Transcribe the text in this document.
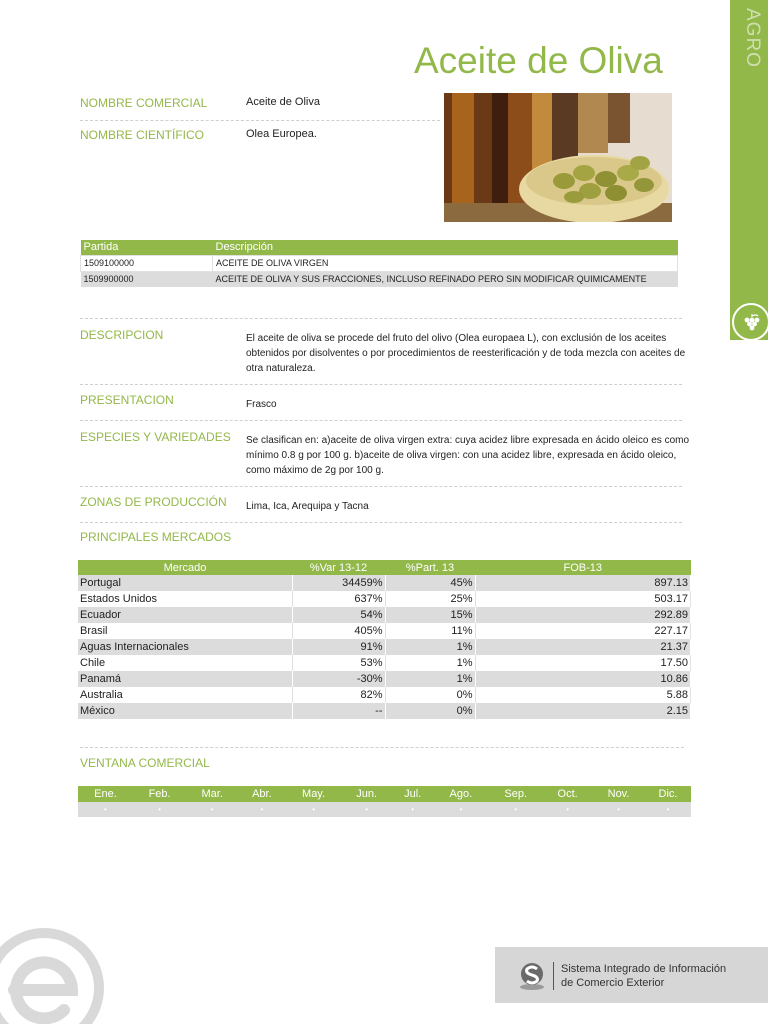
AGRO
Aceite de Oliva
NOMBRE COMERCIAL	Aceite de Oliva
NOMBRE CIENTÍFICO	Olea Europea.
Partida	Descripción
1509100000	ACEITE DE OLIVA VIRGEN
1509900000	ACEITE DE OLIVA Y SUS FRACCIONES, INCLUSO REFINADO PERO SIN MODIFICAR QUIMICAMENTE
DESCRIPCION	El aceite de oliva se procede del fruto del olivo (Olea europaea L), con exclusión de los aceites obtenidos por disolventes o por procedimientos de reesterificación y de toda mezcla con aceites de otra naturaleza.
PRESENTACION	Frasco
ESPECIES Y VARIEDADES Se clasifican en: a)aceite de oliva virgen extra: cuya acidez libre expresada en ácido oleico es como mínimo 0.8 g por 100 g. b)aceite de oliva virgen: con una acidez libre, expresada en ácido oleico, como máximo de 2g por 100 g.
ZONAS DE PRODUCCIÓN Lima, Ica, Arequipa y Tacna
PRINCIPALES MERCADOS
Mercado	%Var 13-12	%Part. 13	FOB-13
Portugal	34459%	45%	897.13
Estados Unidos	637%	25%	503.17
Ecuador	54%	15%	292.89
Brasil	405%	11%	227.17
Aguas Internacionales	91%	1%	21.37
Chile	53%	1%	17.50
Panamá	-30%	1%	10.86
Australia	82%	0%	5.88
México	--	0%	2.15
VENTANA COMERCIAL
Ene.	Feb.	Mar.	Abr.	May.	Jun.	Jul.	Ago.	Sep.	Oct.	Nov.	Dic.
•	•	•	•	•	•	•	•	•	•	•	•
Sistema Integrado de Información
de Comercio Exterior
